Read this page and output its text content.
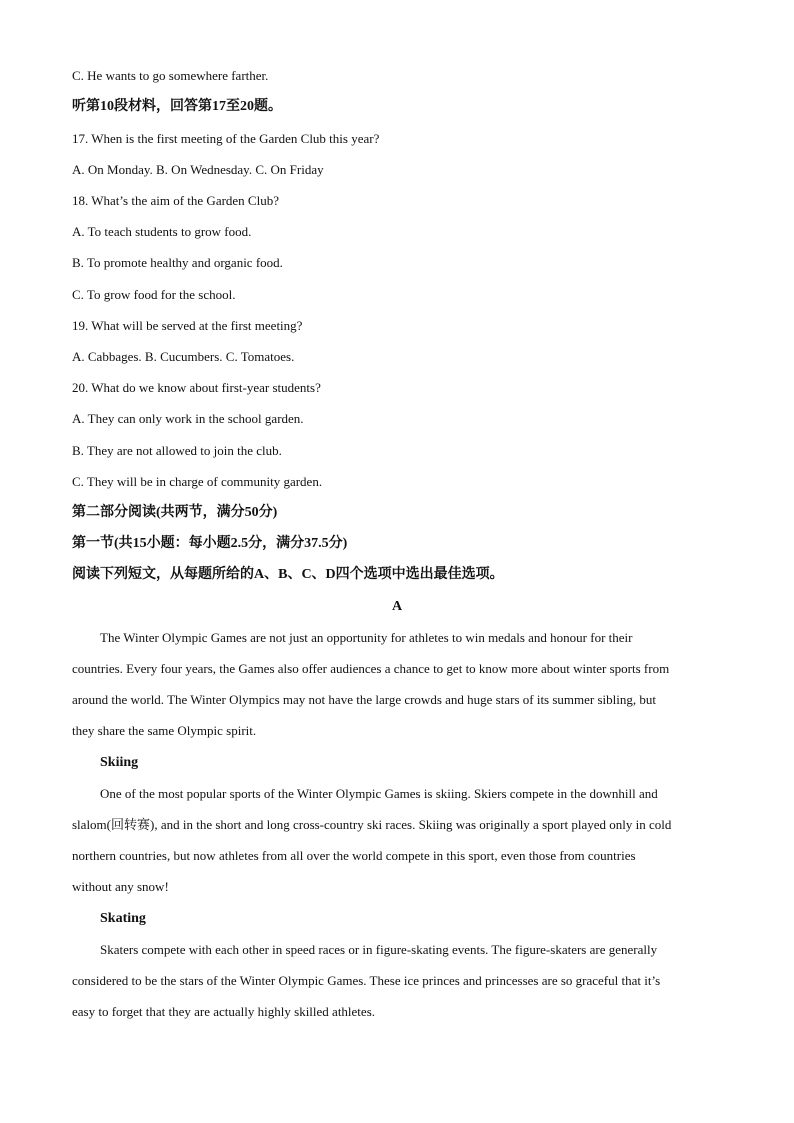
C. He wants to go somewhere farther.
听第10段材料，回答第17至20题。
17. When is the first meeting of the Garden Club this year?
A. On Monday. B. On Wednesday. C. On Friday
18. What’s the aim of the Garden Club?
A. To teach students to grow food.
B. To promote healthy and organic food.
C. To grow food for the school.
19. What will be served at the first meeting?
A. Cabbages. B. Cucumbers. C. Tomatoes.
20. What do we know about first-year students?
A. They can only work in the school garden.
B. They are not allowed to join the club.
C. They will be in charge of community garden.
第二部分阅读(共两节，满分50分)
第一节(共15小题：每小题2.5分，满分37.5分)
阅读下列短文，从每题所给的A、B、C、D四个选项中选出最佳选项。
A
The Winter Olympic Games are not just an opportunity for athletes to win medals and honour for their
countries. Every four years, the Games also offer audiences a chance to get to know more about winter sports from
around the world. The Winter Olympics may not have the large crowds and huge stars of its summer sibling, but
they share the same Olympic spirit.
Skiing
One of the most popular sports of the Winter Olympic Games is skiing. Skiers compete in the downhill and
slalom(回转赛), and in the short and long cross-country ski races. Skiing was originally a sport played only in cold
northern countries, but now athletes from all over the world compete in this sport, even those from countries
without any snow!
Skating
Skaters compete with each other in speed races or in figure-skating events. The figure-skaters are generally
considered to be the stars of the Winter Olympic Games. These ice princes and princesses are so graceful that it’s
easy to forget that they are actually highly skilled athletes.
